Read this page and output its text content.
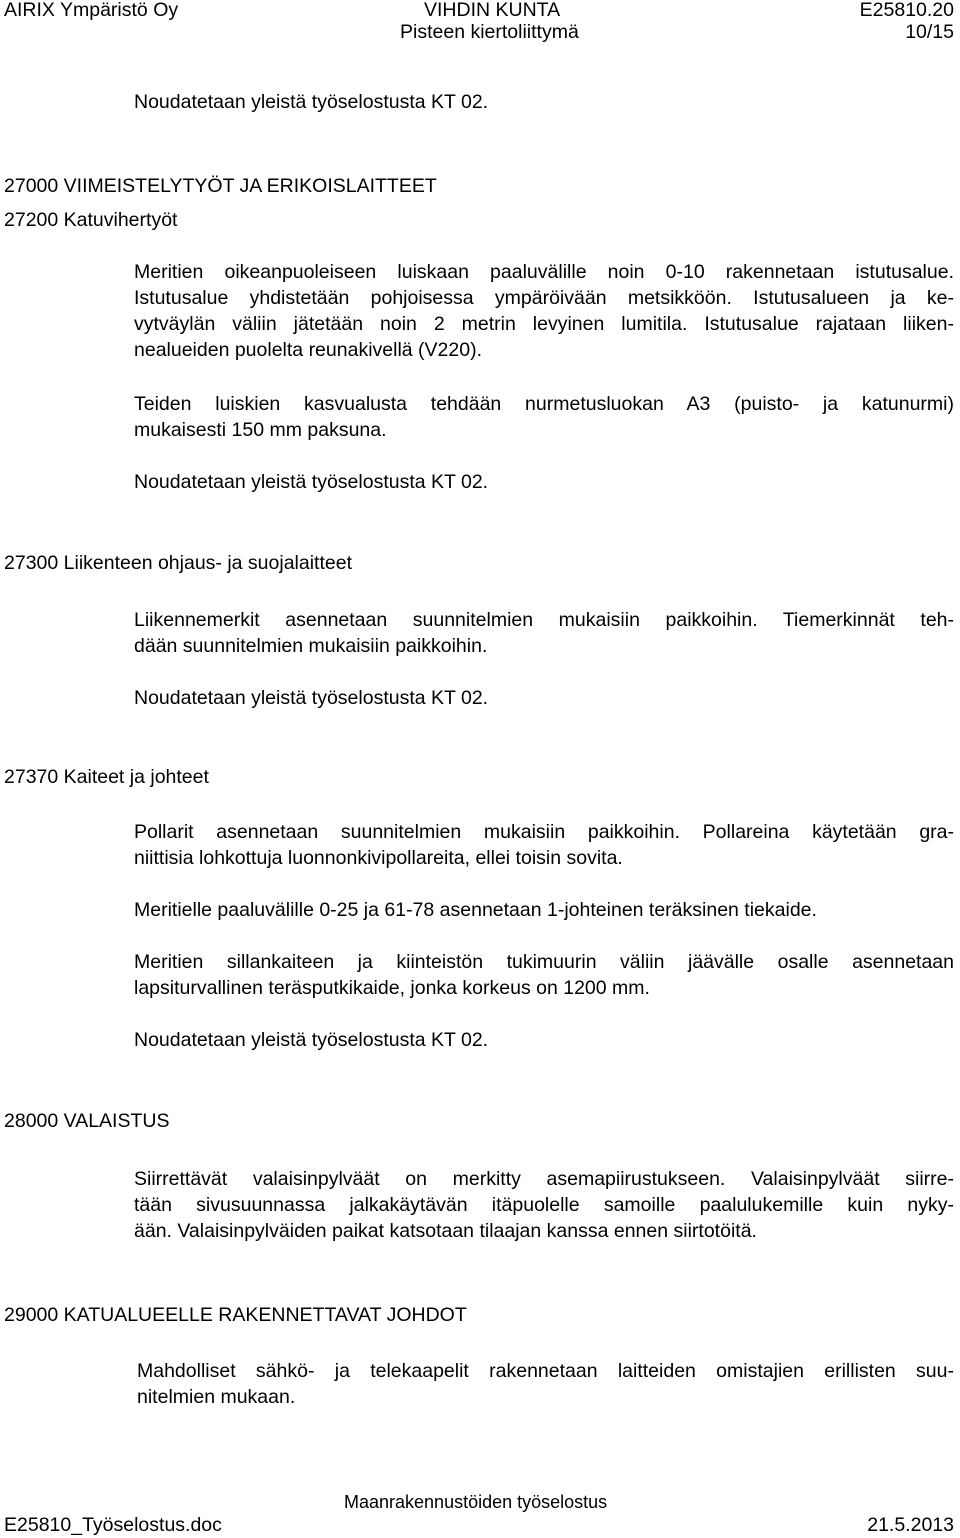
AIRIX Ympäristö Oy	VIHDIN KUNTA
Pisteen kiertoliittymä
E25810.20
10/15
Noudatetaan yleistä työselostusta KT 02.
27000 VIIMEISTELYTYÖT JA ERIKOISLAITTEET
27200 Katuvihertyöt
Meritien oikeanpuoleiseen luiskaan paaluvälille noin 0-10 rakennetaan istutusalue.
Istutusalue yhdistetään pohjoisessa ympäröivään metsikköön. Istutusalueen ja ke-
vytväylän väliin jätetään noin 2 metrin levyinen lumitila. Istutusalue rajataan liiken-
nealueiden puolelta reunakivellä (V220).
Teiden luiskien kasvualusta tehdään nurmetusluokan A3 (puisto- ja katunurmi)
mukaisesti 150 mm paksuna.
Noudatetaan yleistä työselostusta KT 02.
27300 Liikenteen ohjaus- ja suojalaitteet
Liikennemerkit asennetaan suunnitelmien mukaisiin paikkoihin. Tiemerkinnät teh-
dään suunnitelmien mukaisiin paikkoihin.
Noudatetaan yleistä työselostusta KT 02.
27370 Kaiteet ja johteet
Pollarit asennetaan suunnitelmien mukaisiin paikkoihin. Pollareina käytetään gra-
niittisia lohkottuja luonnonkivipollareita, ellei toisin sovita.
Meritielle paaluvälille 0-25 ja 61-78 asennetaan 1-johteinen teräksinen tiekaide.
Meritien sillankaiteen ja kiinteistön tukimuurin väliin jäävälle osalle asennetaan
lapsiturvallinen teräsputkikaide, jonka korkeus on 1200 mm.
Noudatetaan yleistä työselostusta KT 02.
28000 VALAISTUS
Siirrettävät valaisinpylväät on merkitty asemapiirustukseen. Valaisinpylväät siirre-
tään sivusuunnassa jalkakäytävän itäpuolelle samoille paalulukemille kuin nyky-
ään. Valaisinpylväiden paikat katsotaan tilaajan kanssa ennen siirtotöitä.
29000 KATUALUEELLE RAKENNETTAVAT JOHDOT
Mahdolliset sähkö- ja telekaapelit rakennetaan laitteiden omistajien erillisten suu-
nitelmien mukaan.
Maanrakennustöiden työselostus
E25810_Työselostus.doc	21.5.2013
